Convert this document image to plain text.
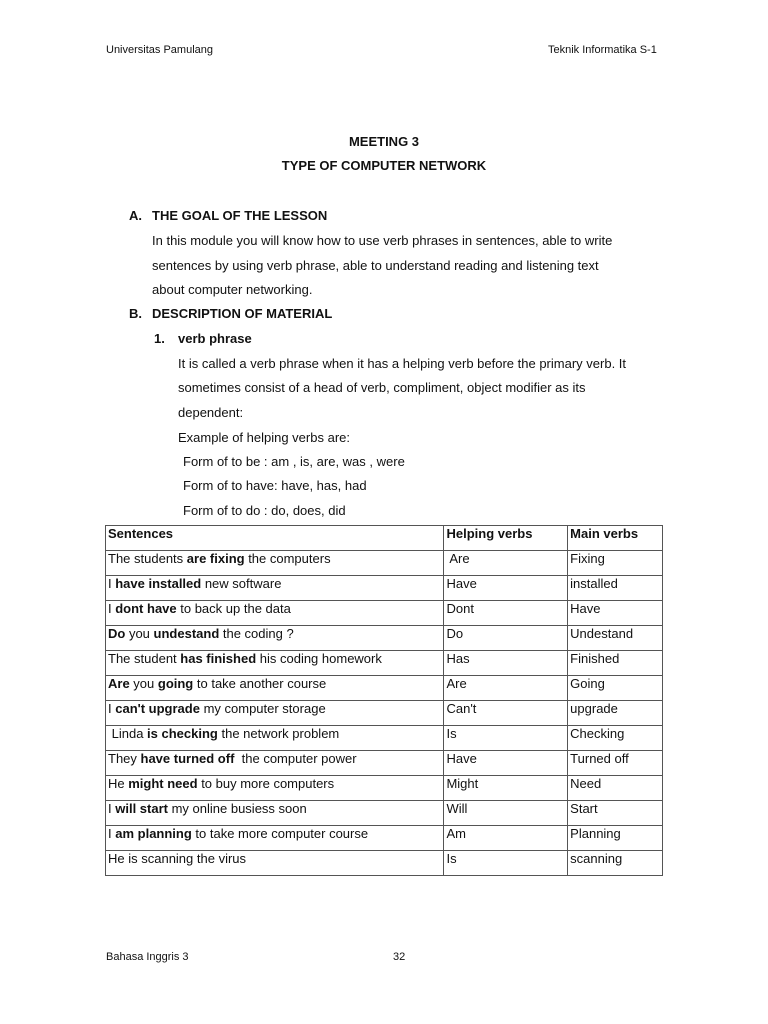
Universitas Pamulang	Teknik Informatika S-1
MEETING 3
TYPE OF COMPUTER NETWORK
A. THE GOAL OF THE LESSON
In this module you will know how to use verb phrases in sentences, able to write
sentences by using verb phrase, able to understand reading and listening text
about computer networking.
B. DESCRIPTION OF MATERIAL
1. verb phrase
It is called a verb phrase when it has a helping verb before the primary verb. It
sometimes consist of a head of verb, compliment, object modifier as its
dependent:
Example of helping verbs are:
Form of to be : am , is, are, was , were
Form of to have: have, has, had
Form of to do : do, does, did
Sentences	Helping verbs	Main verbs
The students are fixing the computers	Are	Fixing
I have installed new software	Have	installed
I dont have to back up the data	Dont	Have
Do you undestand the coding ?	Do	Undestand
The student has finished his coding homework	Has	Finished
Are you going to take another course	Are	Going
I can't upgrade my computer storage	Can't	upgrade
Linda is checking the network problem	Is	Checking
They have turned off  the computer power	Have	Turned off
He might need to buy more computers	Might	Need
I will start my online busiess soon	Will	Start
I am planning to take more computer course	Am	Planning
He is scanning the virus	Is	scanning
Bahasa Inggris 3	32
